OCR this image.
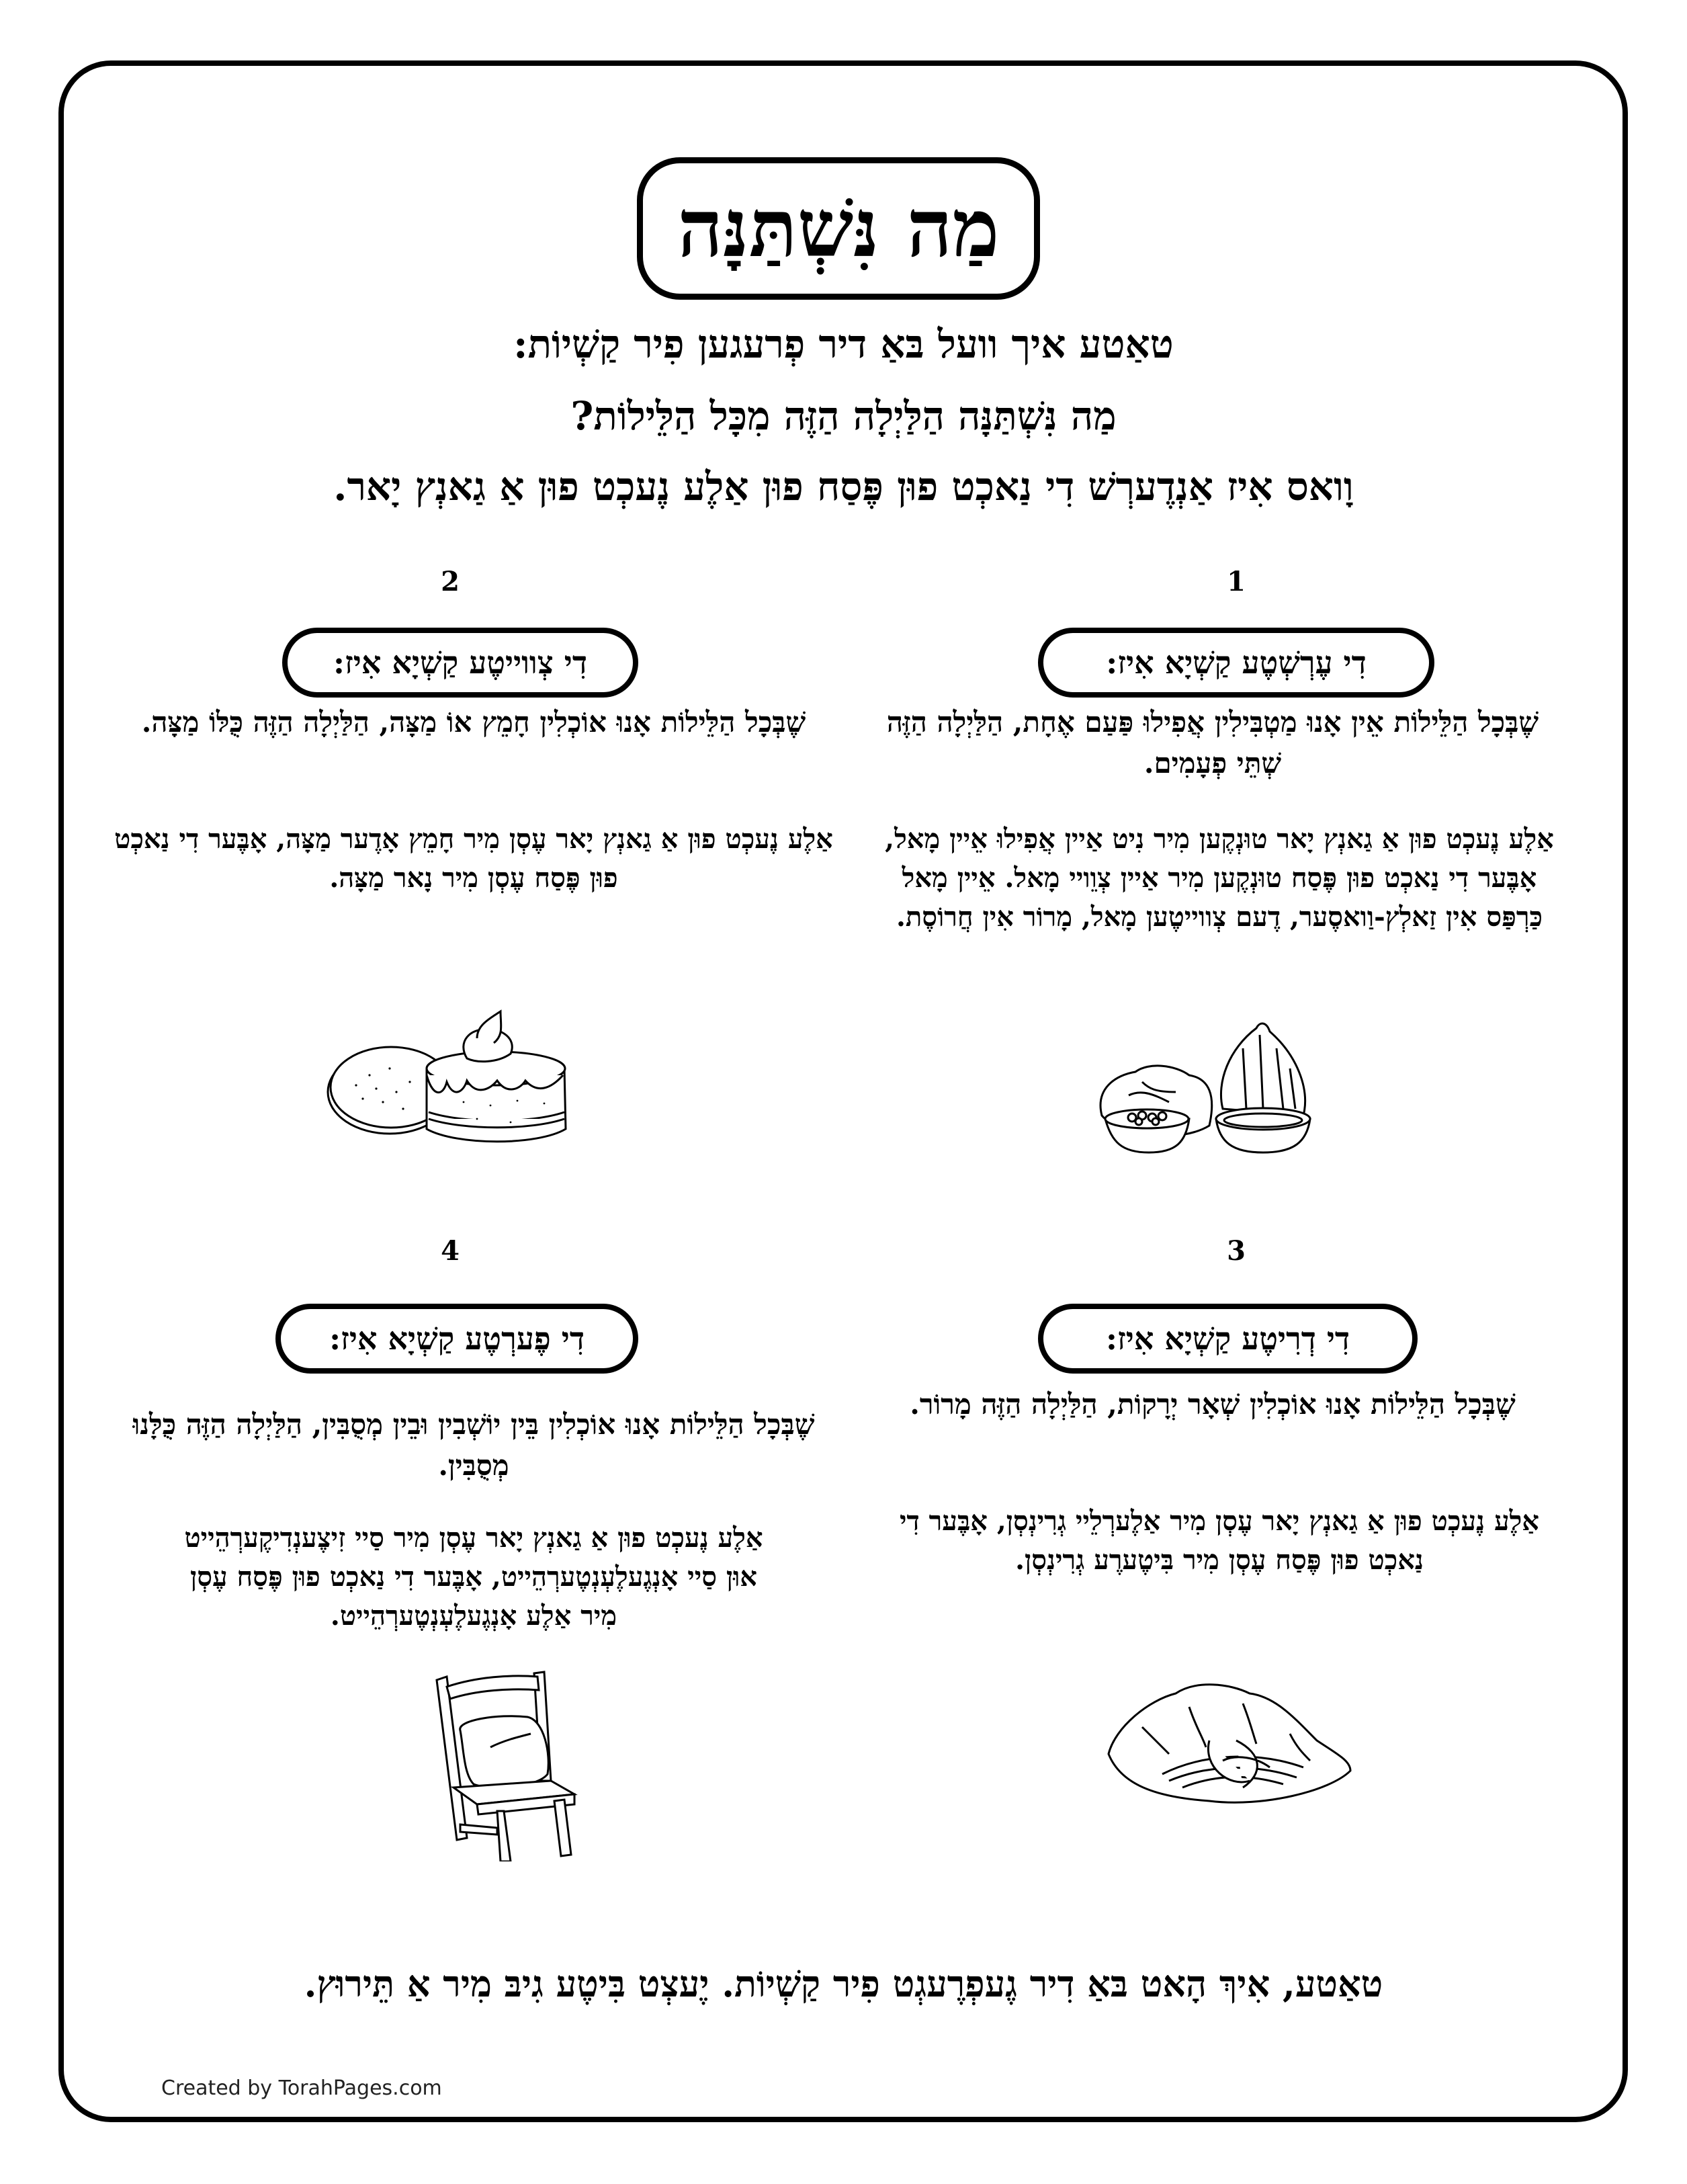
מַה נִּשְׁתַּנָּה
טאַטע איך וועל בּאַ דיר פְרעגען פִיר קַשְׁיוֹת:
מַה נִּשְׁתַּנָּה הַלַּיְלָה הַזֶּה מִכָּל הַלֵּילוֹת?
וָואס אִיז אַנְדֶערְשׁ דִי נַאכְט פוּן פֶּסַח פוּן אַלֶע נֶעכְט פוּן אַ גַאנְץ יָאר.
1
דִי עֶרְשְׁטֶע קַשְׁיָא אִיז:
שֶׁבְּכָל הַלֵּילוֹת אֵין אָנוּ מַטְבִּילִין אֲפִילוּ פַּעַם אֶחָת, הַלַּיְלָה הַזֶּה שְׁתֵּי פְעָמִים.
אַלֶע נֶעכְט פוּן אַ גַאנְץ יָאר טוּנְקֶען מִיר נִיט אַיין אֲפִילוּ אֵיין מָאל, אָבֶּער דִי נַאכְט פוּן פֶּסַח טוּנְקֶען מִיר אַיין צְוֵויי מָאל. אֵיין מָאל כַּרְפַּס אִין זַאלְץ-וַואסֶער, דֶעם צְווייטֶען מָאל, מָרוֹר אִין חֲרוֹסֶת.
2
דִי צְווייטֶע קַשְׁיָא אִיז:
שֶׁבְּכָל הַלֵּילוֹת אָנוּ אוֹכְלִין חָמֵץ אוֹ מַצָּה, הַלַּיְלָה הַזֶּה כֻּלּוֹ מַצָּה.
אַלֶע נֶעכְט פוּן אַ גַאנְץ יָאר עֶסְן מִיר חָמֵץ אָדֶער מַצָּה, אָבֶּער דִי נַאכְט פוּן פֶּסַח עֶסְן מִיר נָאר מַצָּה.
3
דִי דְרִיטֶע קַשְׁיָא אִיז:
שֶׁבְּכָל הַלֵּילוֹת אָנוּ אוֹכְלִין שְׁאָר יְרָקוֹת, הַלַּיְלָה הַזֶּה מָרוֹר.
אַלֶע נֶעכְט פוּן אַ גַאנְץ יָאר עֶסְן מִיר אַלֶערְלֵיי גְרִינְסְן, אָבֶּער דִי נַאכְט פוּן פֶּסַח עֶסְן מִיר בִּיטֶערֶע גְרִינְסְן.
4
דִי פֶערְטֶע קַשְׁיָא אִיז:
שֶׁבְּכָל הַלֵּילוֹת אָנוּ אוֹכְלִין בֵּין יוֹשְׁבִין וּבֵין מְסֻבִּין, הַלַּיְלָה הַזֶּה כֻּלָּנוּ מְסֻבִּין.
אַלֶע נֶעכְט פוּן אַ גַאנְץ יָאר עֶסְן מִיר סַיי זִיצֶענְדִיקֶערְהֵייט אוּן סַיי אָנְגֶעלֶעְנְטֶערְהֵייט, אָבֶּער דִי נַאכְט פוּן פֶּסַח עֶסְן מִיר אַלֶע אָנְגֶעלֶעְנְטֶערְהֵייט.
טאַטע, אִיךְ הָאט בּאַ דִיר גֶעפְרֶעגְט פִיר קַשְׁיוֹת. יֶעצְט בִּיטֶע גִיבּ מִיר אַ תֵּירוּץ.
Created by TorahPages.com
